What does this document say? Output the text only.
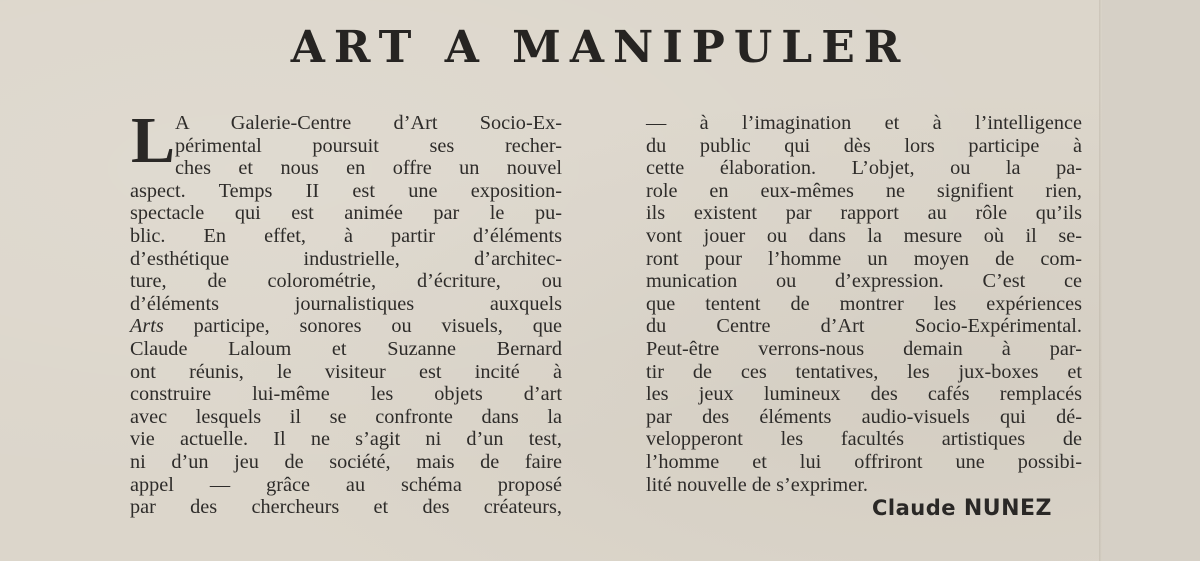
ART A MANIPULER
L A Galerie-Centre d’Art Socio-Ex-
périmental poursuit ses recher-
ches et nous en offre un nouvel
aspect. Temps II est une exposition-
spectacle qui est animée par le pu-
blic. En effet, à partir d’éléments
d’esthétique industrielle, d’architec-
ture, de colorométrie, d’écriture, ou
d’éléments journalistiques auxquels
Arts participe, sonores ou visuels, que
Claude Laloum et Suzanne Bernard
ont réunis, le visiteur est incité à
construire lui-même les objets d’art
avec lesquels il se confronte dans la
vie actuelle. Il ne s’agit ni d’un test,
ni d’un jeu de société, mais de faire
appel — grâce au schéma proposé
par des chercheurs et des créateurs,
— à l’imagination et à l’intelligence
du public qui dès lors participe à
cette élaboration. L’objet, ou la pa-
role en eux-mêmes ne signifient rien,
ils existent par rapport au rôle qu’ils
vont jouer ou dans la mesure où il se-
ront pour l’homme un moyen de com-
munication ou d’expression. C’est ce
que tentent de montrer les expériences
du Centre d’Art Socio-Expérimental.
Peut-être verrons-nous demain à par-
tir de ces tentatives, les jux-boxes et
les jeux lumineux des cafés remplacés
par des éléments audio-visuels qui dé-
velopperont les facultés artistiques de
l’homme et lui offriront une possibi-
lité nouvelle de s’exprimer.
Claude NUNEZ
